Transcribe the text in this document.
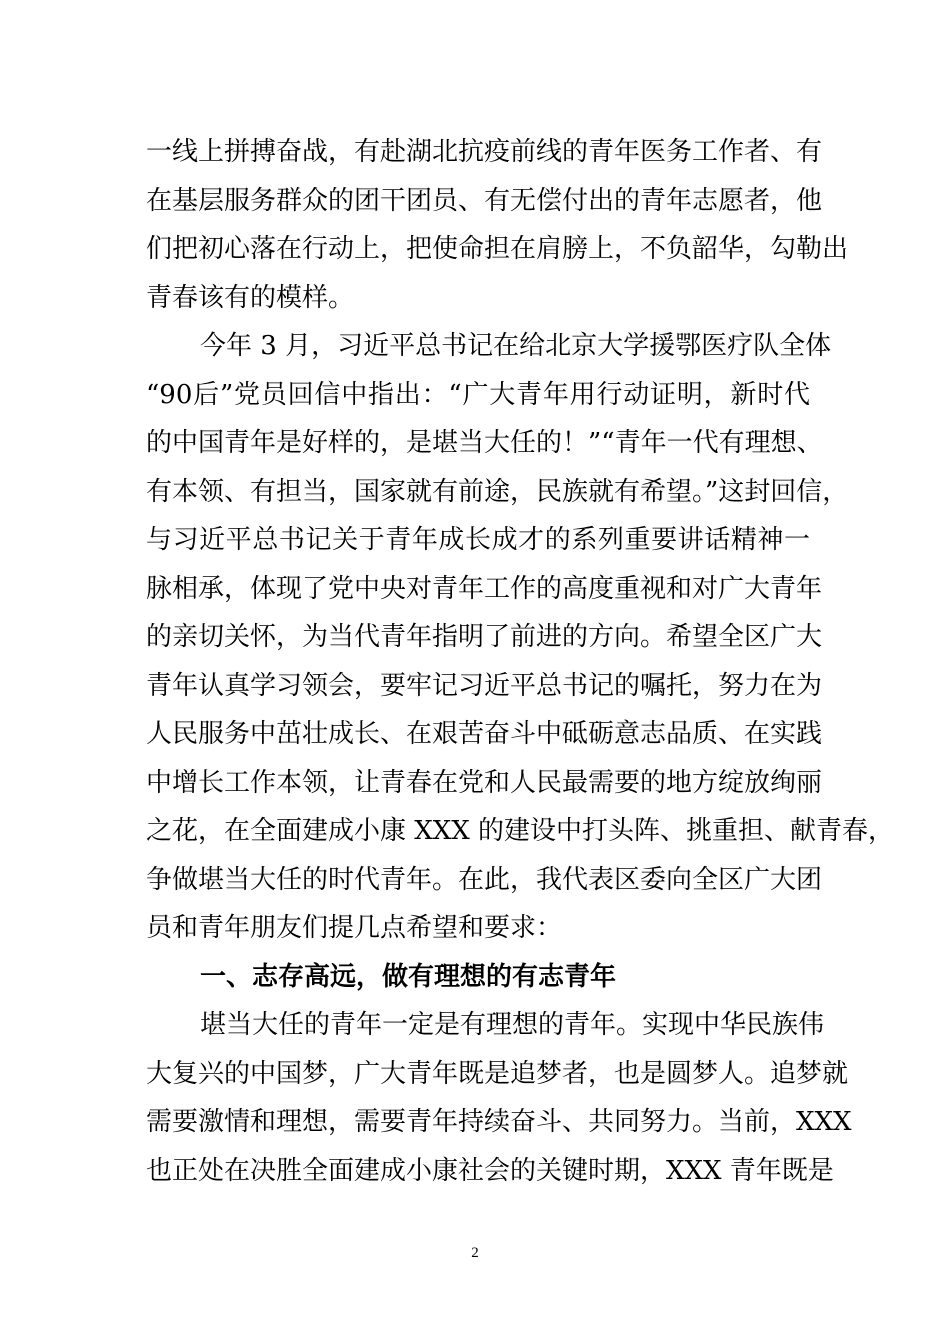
一线上拼搏奋战，有赴湖北抗疫前线的青年医务工作者、有
在基层服务群众的团干团员、有无偿付出的青年志愿者，他
们把初心落在行动上，把使命担在肩膀上，不负韶华，勾勒出
青春该有的模样。
今年 3 月，习近平总书记在给北京大学援鄂医疗队全体
“90后”党员回信中指出：“广大青年用行动证明，新时代
的中国青年是好样的，是堪当大任的！”“青年一代有理想、
有本领、有担当，国家就有前途，民族就有希望。”这封回信，
与习近平总书记关于青年成长成才的系列重要讲话精神一
脉相承，体现了党中央对青年工作的高度重视和对广大青年
的亲切关怀，为当代青年指明了前进的方向。希望全区广大
青年认真学习领会，要牢记习近平总书记的嘱托，努力在为
人民服务中茁壮成长、在艰苦奋斗中砥砺意志品质、在实践
中增长工作本领，让青春在党和人民最需要的地方绽放绚丽
之花，在全面建成小康 XXX 的建设中打头阵、挑重担、献青春，
争做堪当大任的时代青年。在此，我代表区委向全区广大团
员和青年朋友们提几点希望和要求：
一、志存高远，做有理想的有志青年
堪当大任的青年一定是有理想的青年。实现中华民族伟
大复兴的中国梦，广大青年既是追梦者，也是圆梦人。追梦就
需要激情和理想，需要青年持续奋斗、共同努力。当前，XXX
也正处在决胜全面建成小康社会的关键时期，XXX 青年既是
2
